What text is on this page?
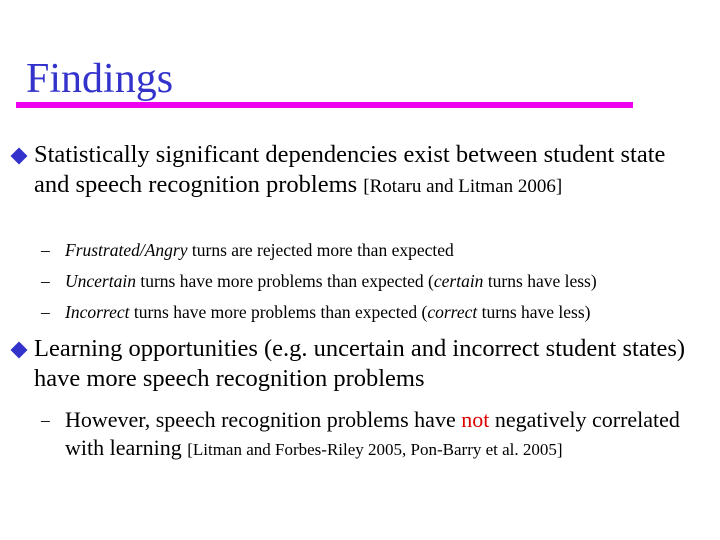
Findings

Statistically significant dependencies exist between student state and speech recognition problems [Rotaru and Litman 2006]

– Frustrated/Angry turns are rejected more than expected

– Uncertain turns have more problems than expected (certain turns have less)

– Incorrect turns have more problems than expected (correct turns have less)

Learning opportunities (e.g. uncertain and incorrect student states) have more speech recognition problems

– However, speech recognition problems have not negatively correlated with learning [Litman and Forbes-Riley 2005, Pon-Barry et al. 2005]
